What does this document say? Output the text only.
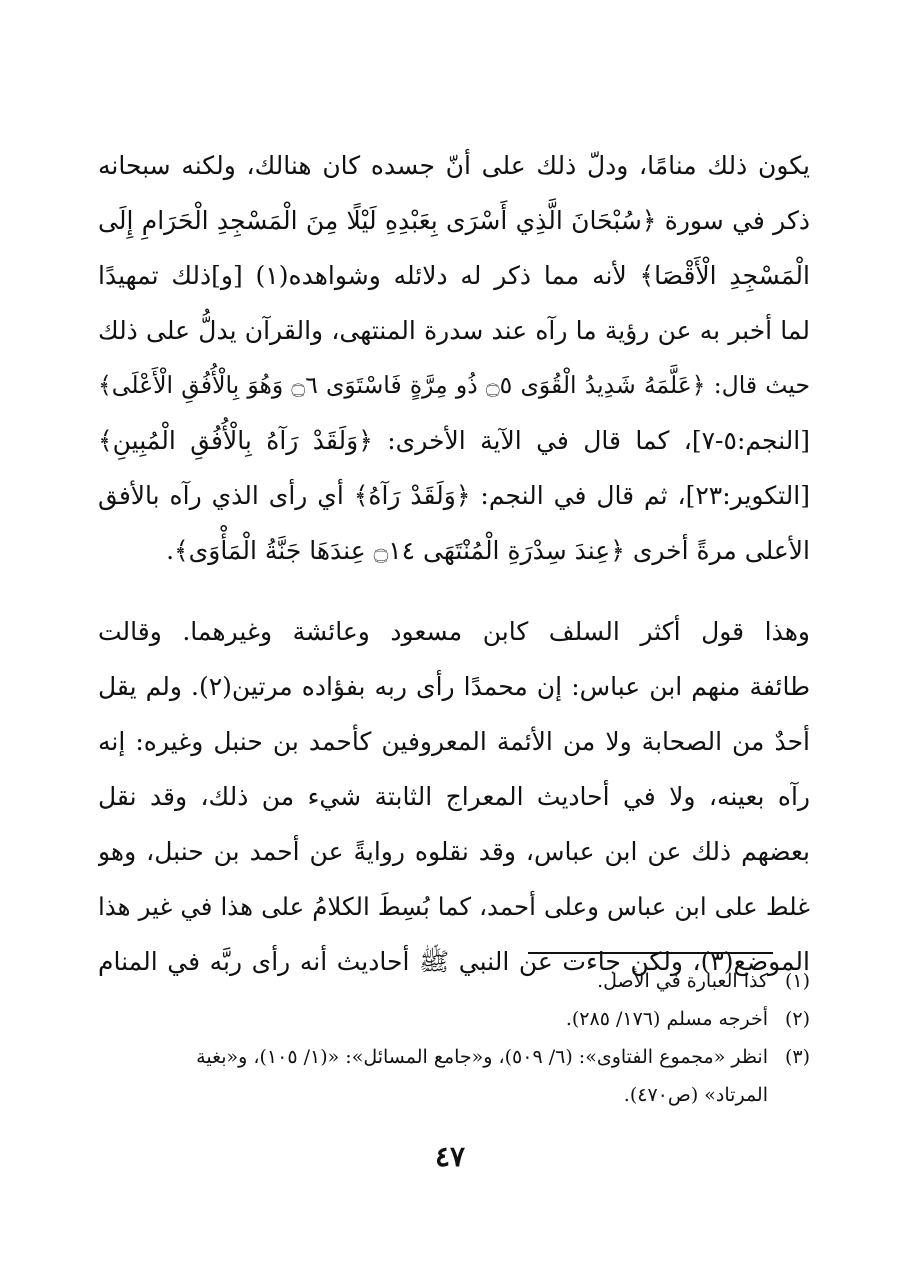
يكون ذلك منامًا، ودلّ ذلك على أنّ جسده كان هنالك، ولكنه سبحانه
ذكر في سورة ﴿سُبْحَانَ الَّذِي أَسْرَى بِعَبْدِهِ لَيْلًا مِنَ الْمَسْجِدِ الْحَرَامِ إِلَى
الْمَسْجِدِ الْأَقْصَا﴾ لأنه مما ذكر له دلائله وشواهده(١) [و]ذلك تمهيدًا
لما أخبر به عن رؤية ما رآه عند سدرة المنتهى، والقرآن يدلُّ على ذلك
حيث قال: ﴿عَلَّمَهُ شَدِيدُ الْقُوَى ۝٥ ذُو مِرَّةٍ فَاسْتَوَى ۝٦ وَهُوَ بِالْأُفُقِ الْأَعْلَى﴾
[النجم:٥-٧]، كما قال في الآية الأخرى: ﴿وَلَقَدْ رَآهُ بِالْأُفُقِ الْمُبِينِ﴾
[التكوير:٢٣]، ثم قال في النجم: ﴿وَلَقَدْ رَآهُ﴾ أي رأى الذي رآه بالأفق
الأعلى مرةً أخرى ﴿عِندَ سِدْرَةِ الْمُنْتَهَى ۝١٤ عِندَهَا جَنَّةُ الْمَأْوَى﴾.
وهذا قول أكثر السلف كابن مسعود وعائشة وغيرهما. وقالت
طائفة منهم ابن عباس: إن محمدًا رأى ربه بفؤاده مرتين(٢). ولم يقل
أحدٌ من الصحابة ولا من الأئمة المعروفين كأحمد بن حنبل وغيره: إنه
رآه بعينه، ولا في أحاديث المعراج الثابتة شيء من ذلك، وقد نقل
بعضهم ذلك عن ابن عباس، وقد نقلوه روايةً عن أحمد بن حنبل، وهو
غلط على ابن عباس وعلى أحمد، كما بُسِطَ الكلامُ على هذا في غير هذا
الموضع(٣)، ولكن جاءت عن النبي ﷺ أحاديث أنه رأى ربَّه في المنام
(١)
كذا العبارة في الأصل.
(٢)
أخرجه مسلم (١٧٦/ ٢٨٥).
(٣)
انظر «مجموع الفتاوى»: (٦/ ٥٠٩)، و«جامع المسائل»: «(١/ ١٠٥)، و«بغية
المرتاد» (ص٤٧٠).
٤٧
